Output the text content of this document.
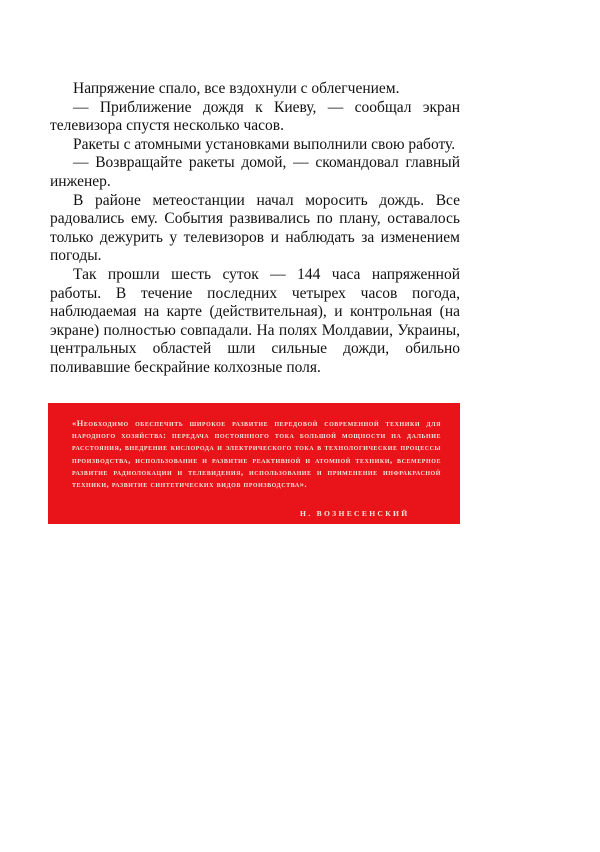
Напряжение спало, все вздохнули с облегчением.

— Приближение дождя к Киеву, — сообщал экран телевизора спустя несколько часов.

Ракеты с атомными установками выполнили свою работу.

— Возвращайте ракеты домой, — скомандовал главный инженер.

В районе метеостанции начал моросить дождь. Все радовались ему. События развивались по плану, оставалось только дежурить у телевизоров и наблюдать за изменением погоды.

Так прошли шесть суток — 144 часа напряженной работы. В течение последних четырех часов погода, наблюдаемая на карте (действительная), и контрольная (на экране) полностью совпадали. На полях Молдавии, Украины, центральных областей шли сильные дожди, обильно поливавшие бескрайние колхозные поля.

«Необходимо обеспечить широкое развитие передовой современной техники для народного хозяйства: передача постоянного тока большой мощности на дальние расстояния, внедрение кислорода и электрического тока в технологические процессы производства, использование и развитие реактивной и атомной техники, всемерное развитие радиолокации и телевидения, использование и применение инфракрасной техники, развитие синтетических видов производства».
Н. ВОЗНЕСЕНСКИЙ
